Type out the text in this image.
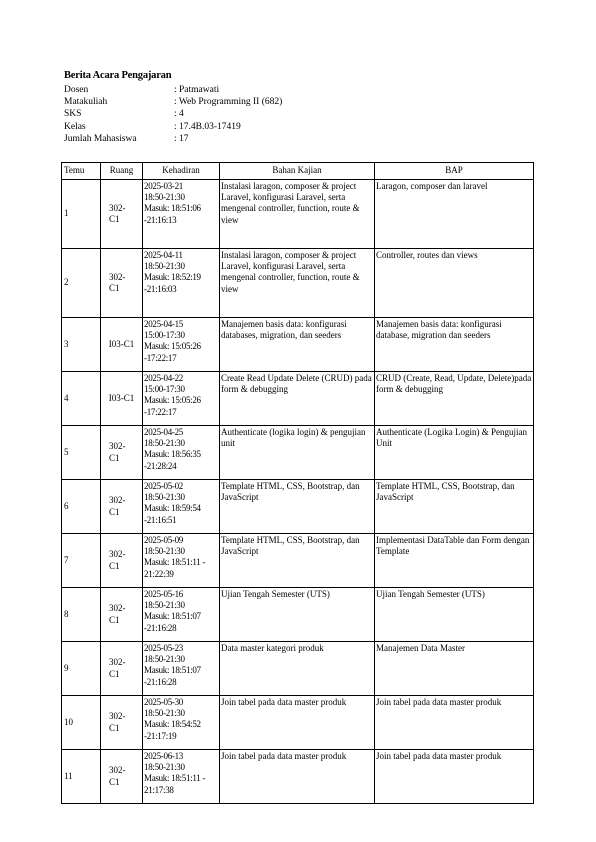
Berita Acara Pengajaran
Dosen	: Patmawati
Matakuliah	: Web Programming II (682)
SKS	: 4
Kelas	: 17.4B.03-17419
Jumlah Mahasiswa	: 17
Temu	Ruang	Kehadiran	Bahan Kajian	BAP
1	302-
C1	2025-03-21
18:50-21:30
Masuk: 18:51:06
-21:16:13	Instalasi laragon, composer & project Laravel, konfigurasi Laravel, serta mengenal controller, function, route & view	Laragon, composer dan laravel
2	302-
C1	2025-04-11
18:50-21:30
Masuk: 18:52:19
-21:16:03	Instalasi laragon, composer & project Laravel, konfigurasi Laravel, serta mengenal controller, function, route & view	Controller, routes dan views
3	I03-C1	2025-04-15
15:00-17:30
Masuk: 15:05:26
-17:22:17	Manajemen basis data: konfigurasi databases, migration, dan seeders	Manajemen basis data: konfigurasi database, migration dan seeders
4	I03-C1	2025-04-22
15:00-17:30
Masuk: 15:05:26
-17:22:17	Create Read Update Delete (CRUD) pada form & debugging	CRUD (Create, Read, Update, Delete)pada form & debugging
5	302-
C1	2025-04-25
18:50-21:30
Masuk: 18:56:35
-21:28:24	Authenticate (logika login) & pengujian unit	Authenticate (Logika Login) & Pengujian Unit
6	302-
C1	2025-05-02
18:50-21:30
Masuk: 18:59:54
-21:16:51	Template HTML, CSS, Bootstrap, dan JavaScript	Template HTML, CSS, Bootstrap, dan JavaScript
7	302-
C1	2025-05-09
18:50-21:30
Masuk: 18:51:11 -
21:22:39	Template HTML, CSS, Bootstrap, dan JavaScript	Implementasi DataTable dan Form dengan Template
8	302-
C1	2025-05-16
18:50-21:30
Masuk: 18:51:07
-21:16:28	Ujian Tengah Semester (UTS)	Ujian Tengah Semester (UTS)
9	302-
C1	2025-05-23
18:50-21:30
Masuk: 18:51:07
-21:16:28	Data master kategori produk	Manajemen Data Master
10	302-
C1	2025-05-30
18:50-21:30
Masuk: 18:54:52
-21:17:19	Join tabel pada data master produk	Join tabel pada data master produk
11	302-
C1	2025-06-13
18:50-21:30
Masuk: 18:51:11 -
21:17:38	Join tabel pada data master produk	Join tabel pada data master produk
